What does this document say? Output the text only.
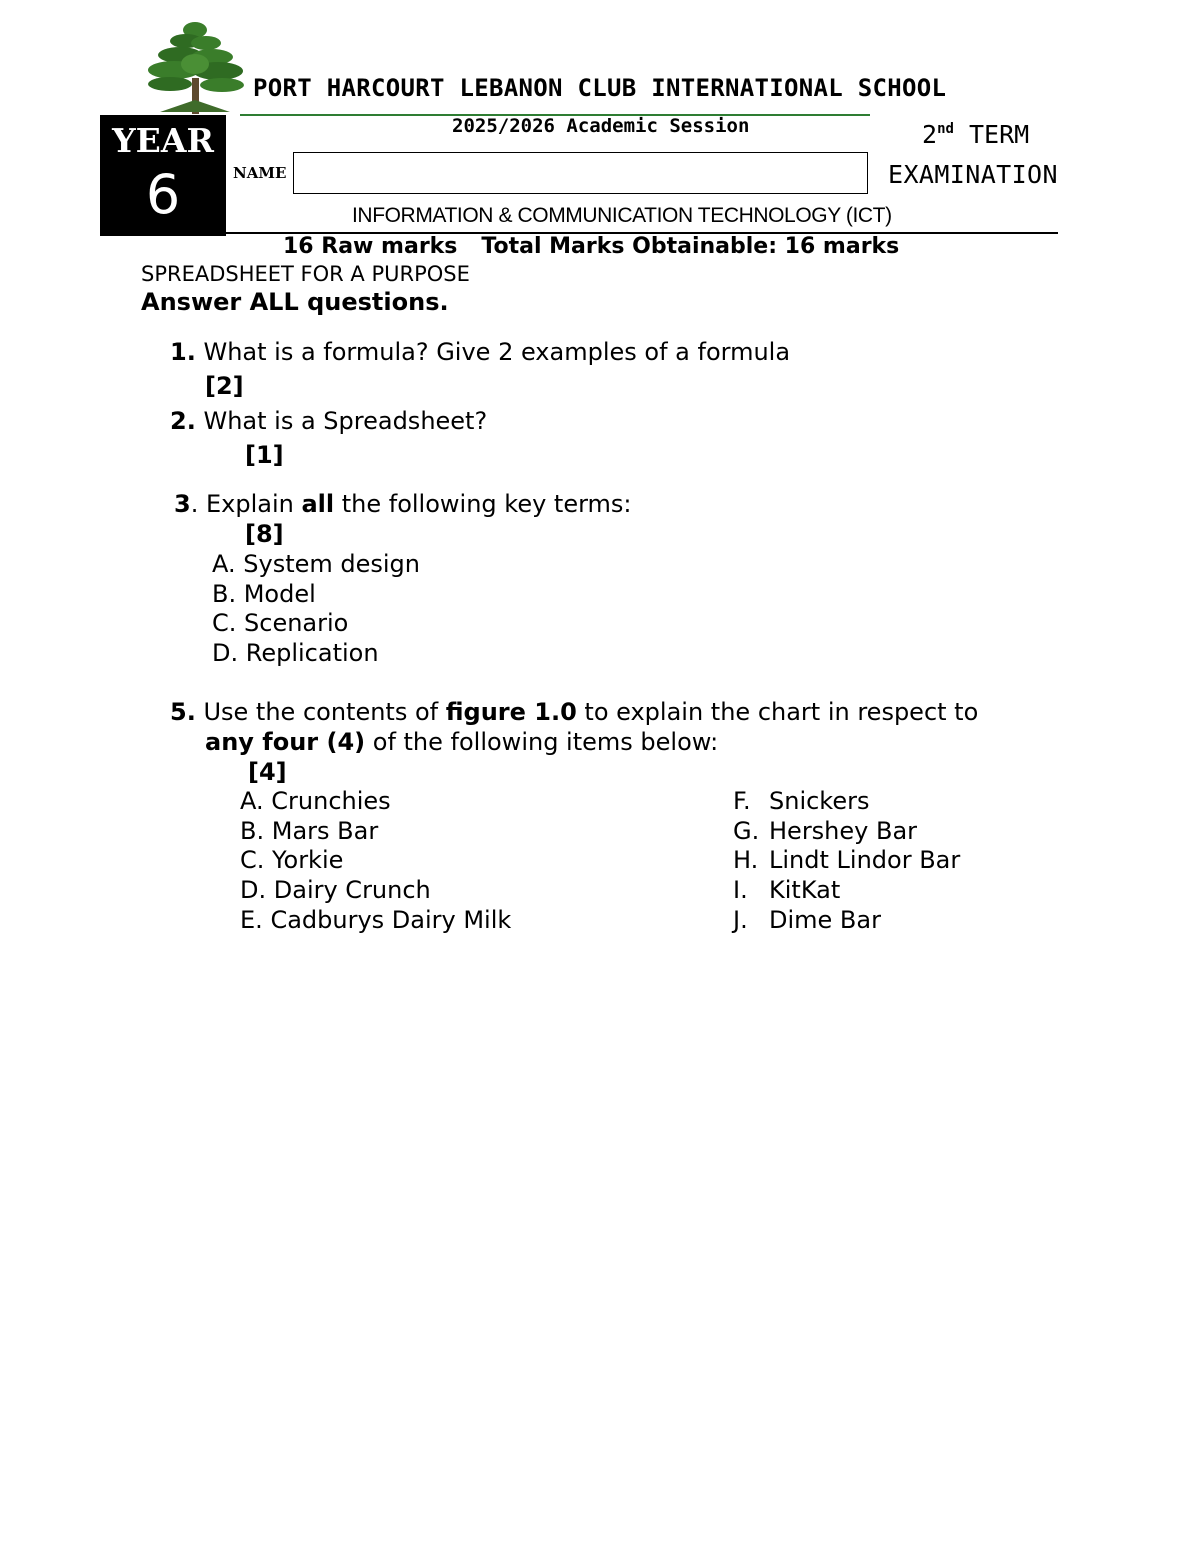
PORT HARCOURT LEBANON CLUB INTERNATIONAL SCHOOL
2025/2026 Academic Session
YEAR
6
2nd TERM
EXAMINATION
NAME
INFORMATION & COMMUNICATION TECHNOLOGY (ICT)
16 Raw marks Total Marks Obtainable: 16 marks
SPREADSHEET FOR A PURPOSE
Answer ALL questions.
1. What is a formula? Give 2 examples of a formula
[2]
2. What is a Spreadsheet?
[1]
3. Explain all the following key terms:
[8]
A. System design
B. Model
C. Scenario
D. Replication
5. Use the contents of figure 1.0 to explain the chart in respect to
any four (4) of the following items below:
[4]
A. Crunchies
B. Mars Bar
C. Yorkie
D. Dairy Crunch
E. Cadburys Dairy Milk
F. Snickers
G. Hershey Bar
H. Lindt Lindor Bar
I. KitKat
J. Dime Bar
